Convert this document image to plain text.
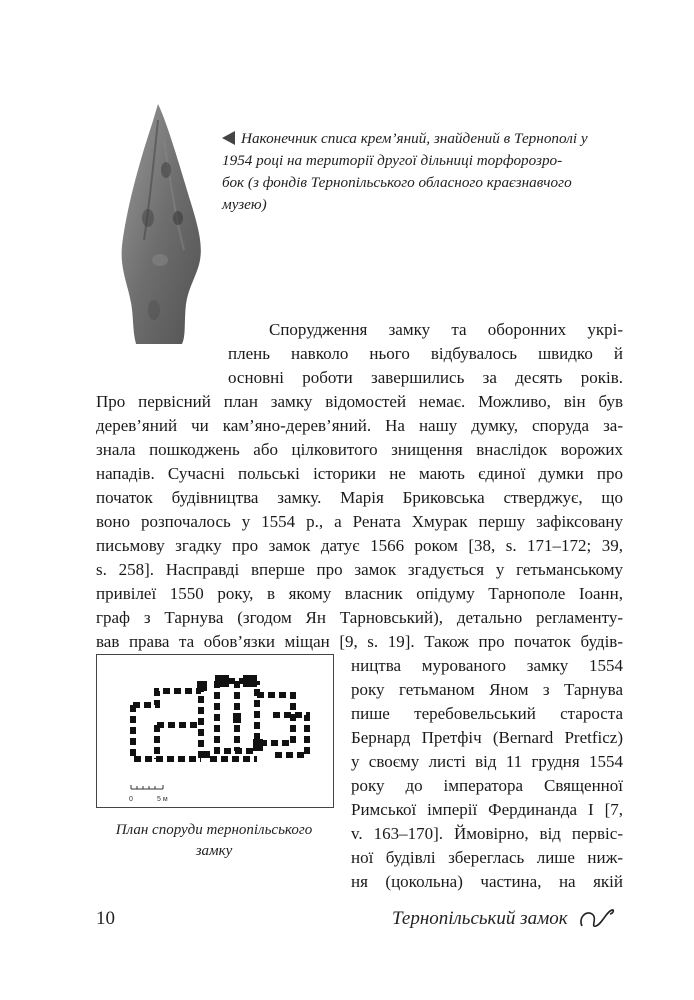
Наконечник списа крем’яний, знайдений в Тернополі у
1954 році на території другої дільниці торфорозро-
бок (з фондів Тернопільського обласного краєзнавчого
музею)

Спорудження замку та оборонних укрі-

плень навколо нього відбувалось швидко й

основні роботи завершились за десять років.

Про первісний план замку відомостей немає. Можливо, він був

дерев’яний чи кам’яно-дерев’яний. На нашу думку, споруда за-

знала пошкоджень або цілковитого знищення внаслідок ворожих

нападів. Сучасні польські історики не мають єдиної думки про

початок будівництва замку. Марія Бриковська стверджує, що

воно розпочалось у 1554 р., а Рената Хмурак першу зафіксовану

письмову згадку про замок датує 1566 роком [38, s. 171–172; 39,

s. 258]. Насправді вперше про замок згадується у гетьманському

привілеї 1550 року, в якому власник опідуму Тарнополе Іоанн,

граф з Тарнува (згодом Ян Тарновський), детально регламенту-

вав права та обов’язки міщан [9, s. 19]. Також про початок будів-

ництва мурованого замку 1554

року гетьманом Яном з Тарнува

пише теребовельський староста

Бернард Претфіч (Bernard Pretficz)

у своєму листі від 11 грудня 1554

року до імператора Священної

Римської імперії Фердинанда І [7,

v. 163–170]. Ймовірно, від первіс-

ної будівлі збереглась лише ниж-

ня (цокольна) частина, на якій

0	5 м
План споруди тернопільського
замку
10	Тернопільський замок
